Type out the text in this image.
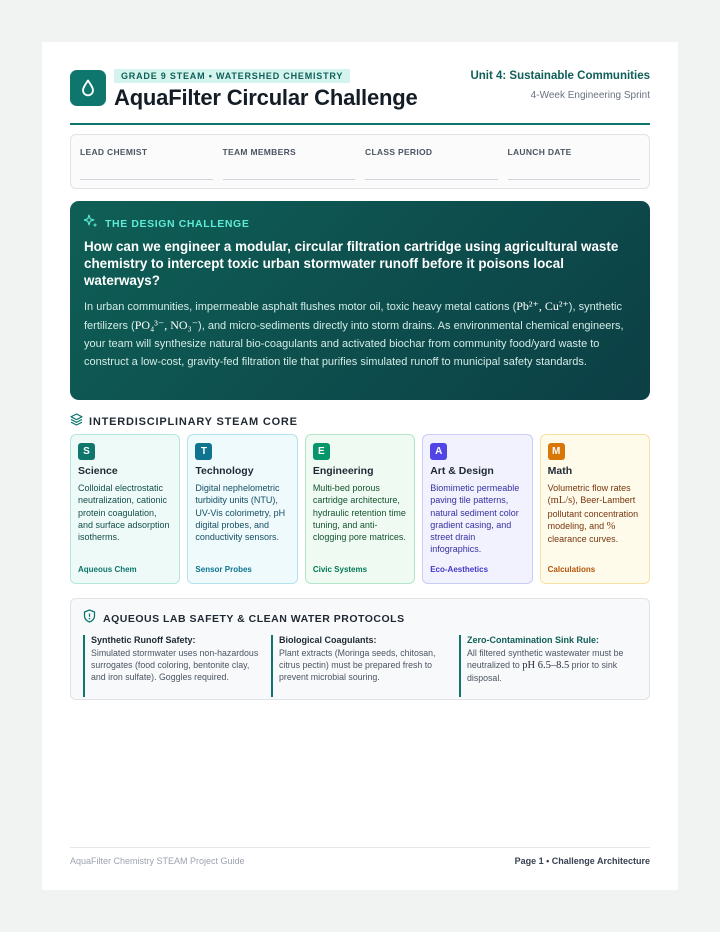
GRADE 9 STEAM • WATERSHED CHEMISTRY
AquaFilter Circular Challenge
Unit 4: Sustainable Communities
4-Week Engineering Sprint
LEAD CHEMIST	TEAM MEMBERS	CLASS PERIOD	LAUNCH DATE
THE DESIGN CHALLENGE
How can we engineer a modular, circular filtration cartridge using agricultural waste chemistry to intercept toxic urban stormwater runoff before it poisons local waterways?
In urban communities, impermeable asphalt flushes motor oil, toxic heavy metal cations (Pb²⁺, Cu²⁺), synthetic fertilizers (PO₄³⁻, NO₃⁻), and micro-sediments directly into storm drains. As environmental chemical engineers, your team will synthesize natural bio-coagulants and activated biochar from community food/yard waste to construct a low-cost, gravity-fed filtration tile that purifies simulated runoff to municipal safety standards.
INTERDISCIPLINARY STEAM CORE
S
Science
Colloidal electrostatic neutralization, cationic protein coagulation, and surface adsorption isotherms.
Aqueous Chem
T
Technology
Digital nephelometric turbidity units (NTU), UV-Vis colorimetry, pH digital probes, and conductivity sensors.
Sensor Probes
E
Engineering
Multi-bed porous cartridge architecture, hydraulic retention time tuning, and anti-clogging pore matrices.
Civic Systems
A
Art & Design
Biomimetic permeable paving tile patterns, natural sediment color gradient casing, and street drain infographics.
Eco-Aesthetics
M
Math
Volumetric flow rates (mL/s), Beer-Lambert pollutant concentration modeling, and % clearance curves.
Calculations
AQUEOUS LAB SAFETY & CLEAN WATER PROTOCOLS
Synthetic Runoff Safety:
Simulated stormwater uses non-hazardous surrogates (food coloring, bentonite clay, and iron sulfate). Goggles required.
Biological Coagulants:
Plant extracts (Moringa seeds, chitosan, citrus pectin) must be prepared fresh to prevent microbial souring.
Zero-Contamination Sink Rule:
All filtered synthetic wastewater must be neutralized to pH 6.5–8.5 prior to sink disposal.
AquaFilter Chemistry STEAM Project Guide	Page 1 • Challenge Architecture
